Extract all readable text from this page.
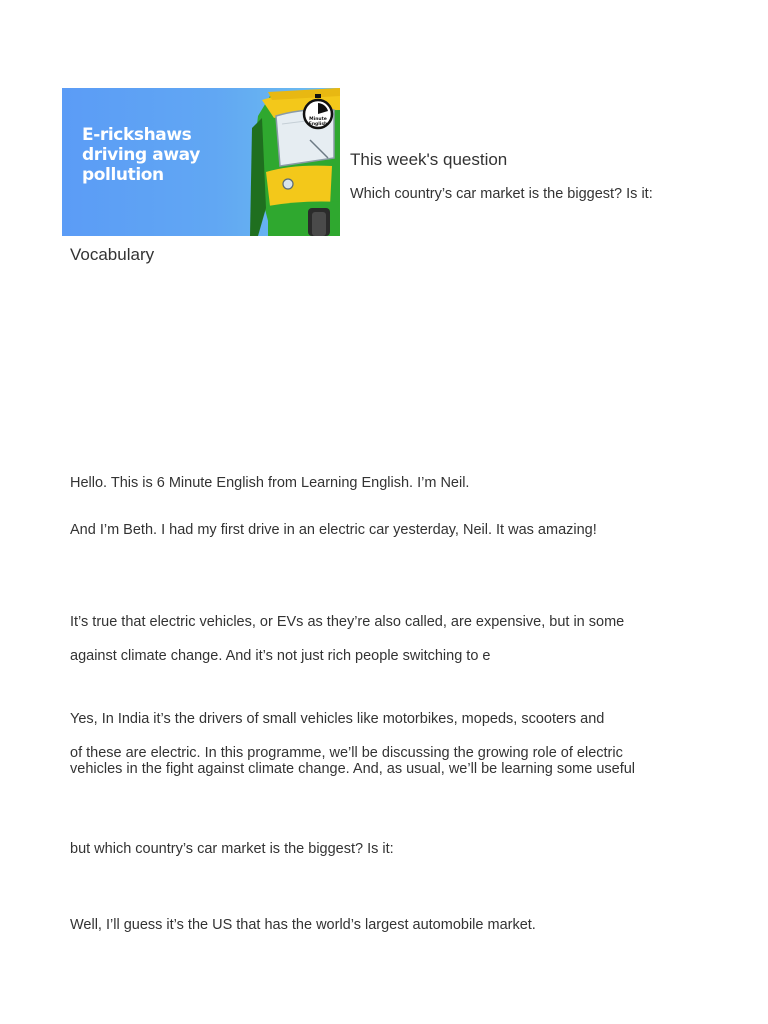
E-rickshaws
driving away
pollution
Minute
English
This week's question
Which country’s car market is the biggest? Is it:
Vocabulary
Hello. This is 6 Minute English from Learning English. I’m Neil.
And I’m Beth. I had my first drive in an electric car yesterday, Neil. It was amazing!
It’s true that electric vehicles, or EVs as they’re also called, are expensive, but in some
against climate change. And it’s not just rich people switching to e
Yes, In India it’s the drivers of small vehicles like motorbikes, mopeds, scooters and
of these are electric. In this programme, we’ll be discussing the growing role of electric
vehicles in the fight against climate change. And, as usual, we’ll be learning some useful
but which country’s car market is the biggest? Is it:
Well, I’ll guess it’s the US that has the world’s largest automobile market.
